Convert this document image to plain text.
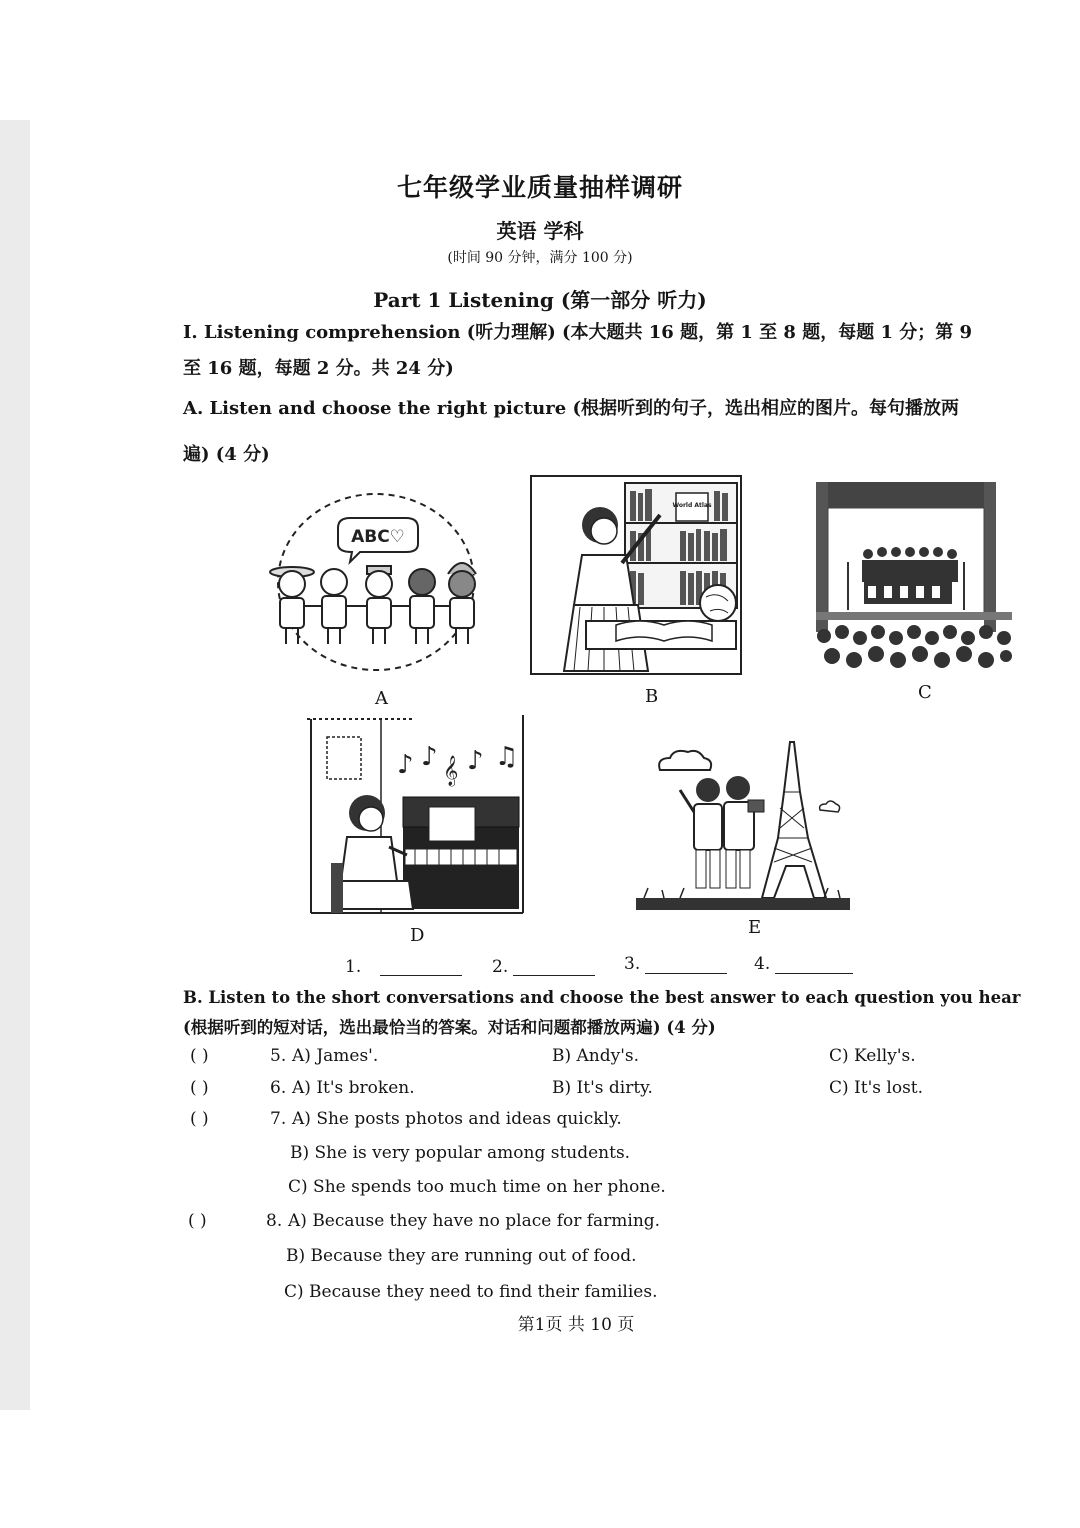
七年级学业质量抽样调研
英语 学科
(时间 90 分钟，满分 100 分)
Part 1 Listening (第一部分 听力)
I. Listening comprehension (听力理解) (本大题共 16 题，第 1 至 8 题，每题 1 分；第 9
至 16 题，每题 2 分。共 24 分)
A. Listen and choose the right picture (根据听到的句子，选出相应的图片。每句播放两
遍) (4 分)
ABC♡
A
World Atlas
B	C
♪ ♪ 𝄞 ♪ ♫
D	E
1.	2.	3.	4.
B. Listen to the short conversations and choose the best answer to each question you hear
(根据听到的短对话，选出最恰当的答案。对话和问题都播放两遍) (4 分)
( )	5. A) James'.	B) Andy's.	C) Kelly's.
( )	6. A) It's broken.	B) It's dirty.	C) It's lost.
( )	7. A) She posts photos and ideas quickly.
B) She is very popular among students.
C) She spends too much time on her phone.
( )	8. A) Because they have no place for farming.
B) Because they are running out of food.
C) Because they need to find their families.
第1页 共 10 页
